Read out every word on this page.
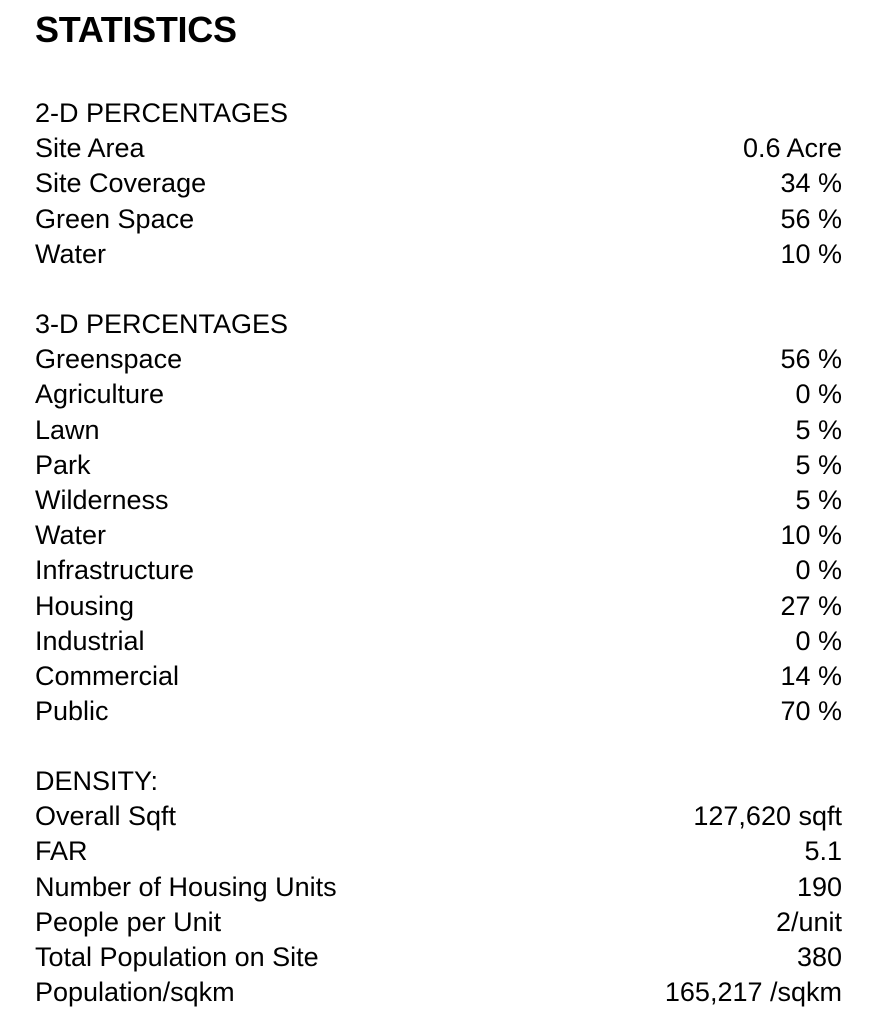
STATISTICS
2-D PERCENTAGES
Site Area	0.6 Acre
Site Coverage	34 %
Green Space	56 %
Water	10 %
3-D PERCENTAGES
Greenspace	56 %
Agriculture	0 %
Lawn	5 %
Park	5 %
Wilderness	5 %
Water	10 %
Infrastructure	0 %
Housing	27 %
Industrial	0 %
Commercial	14 %
Public	70 %
DENSITY:
Overall Sqft	127,620 sqft
FAR	5.1
Number of Housing Units	190
People per Unit	2/unit
Total Population on Site	380
Population/sqkm	165,217 /sqkm
